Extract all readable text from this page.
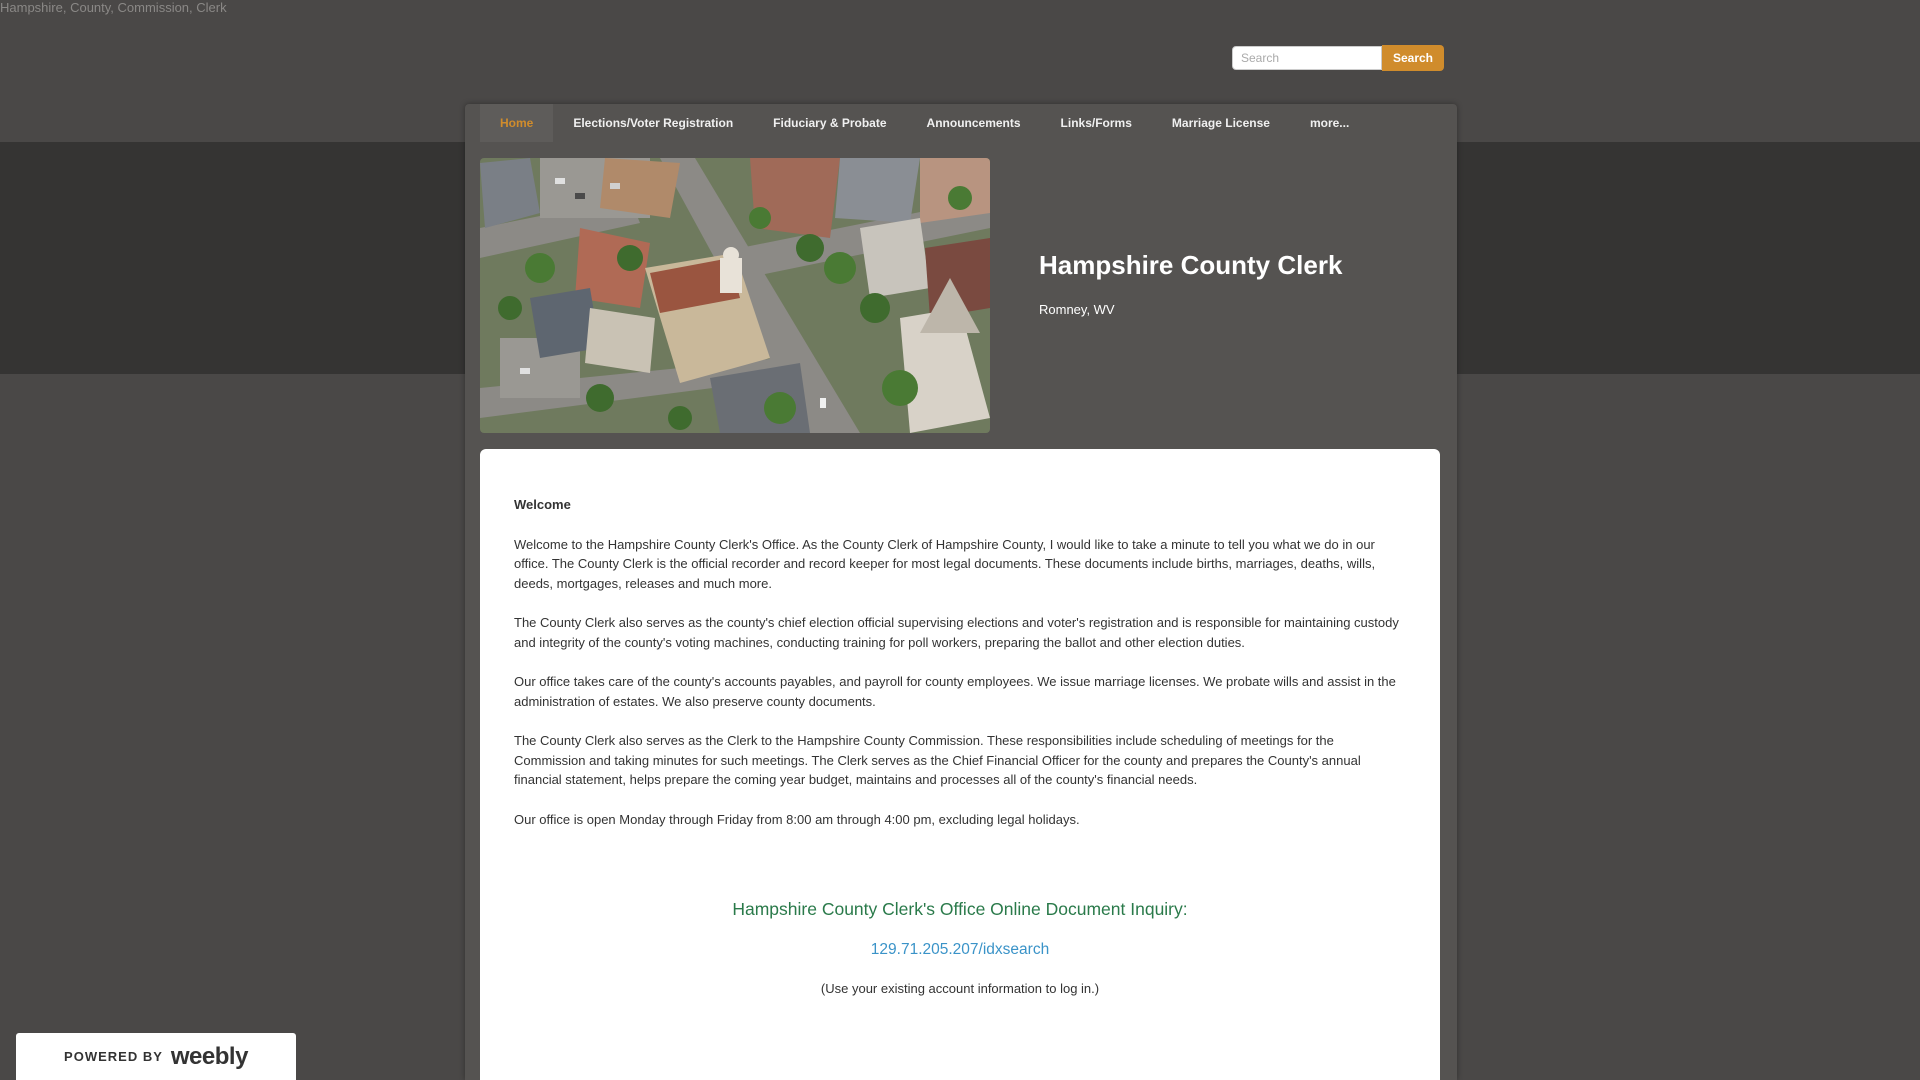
Hampshire, County, Commission, Clerk
Search
Search
Home	Elections/Voter Registration	Fiduciary & Probate	Announcements	Links/Forms	Marriage License	more...
Hampshire County Clerk
Romney, WV
Welcome

Welcome to the Hampshire County Clerk's Office. As the County Clerk of Hampshire County, I would like to take a minute to tell you what we do in our office. The County Clerk is the official recorder and record keeper for most legal documents. These documents include births, marriages, deaths, wills, deeds, mortgages, releases and much more.

The County Clerk also serves as the county's chief election official supervising elections and voter's registration and is responsible for maintaining custody and integrity of the county's voting machines, conducting training for poll workers, preparing the ballot and other election duties.

Our office takes care of the county's accounts payables, and payroll for county employees. We issue marriage licenses. We probate wills and assist in the administration of estates. We also preserve county documents.

The County Clerk also serves as the Clerk to the Hampshire County Commission. These responsibilities include scheduling of meetings for the Commission and taking minutes for such meetings. The Clerk serves as the Chief Financial Officer for the county and prepares the County's annual financial statement, helps prepare the coming year budget, maintains and processes all of the county's financial needs.

Our office is open Monday through Friday from 8:00 am through 4:00 pm, excluding legal holidays.

Hampshire County Clerk's Office Online Document Inquiry:
129.71.205.207/idxsearch

(Use your existing account information to log in.)

POWERED BY weebly
